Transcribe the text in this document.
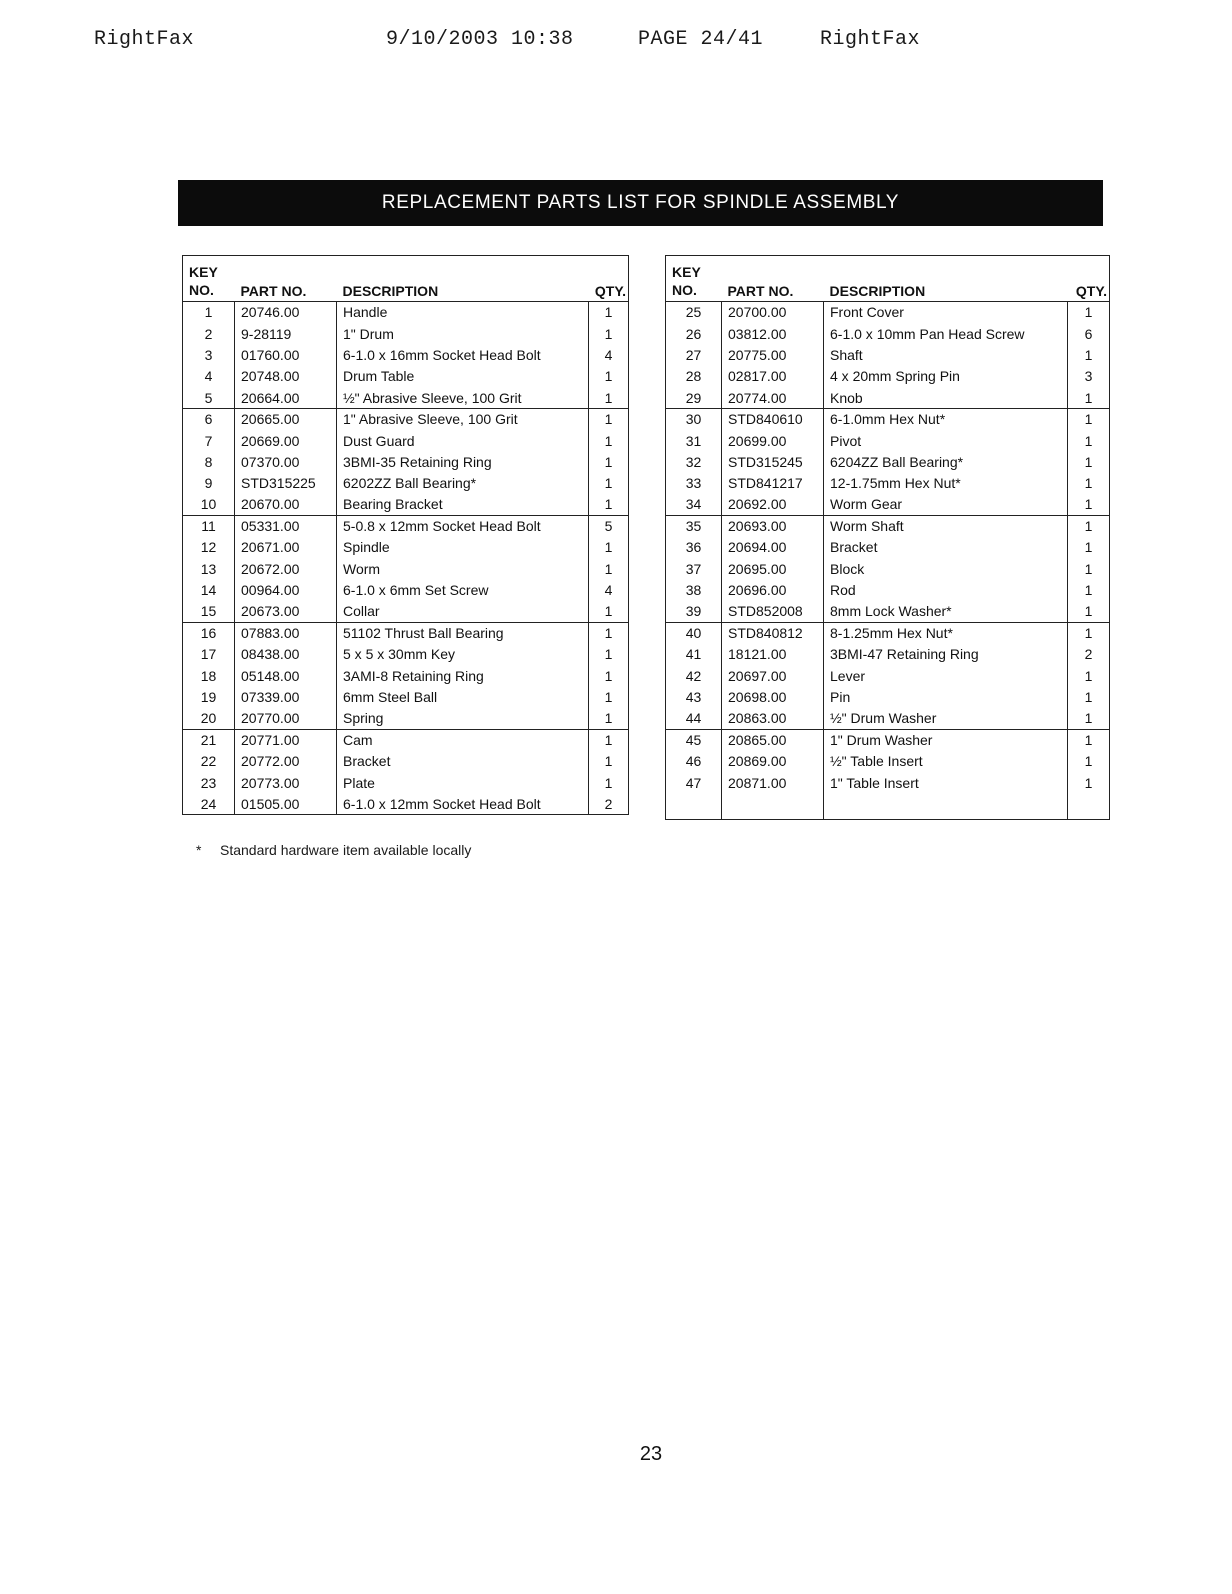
RightFax	9/10/2003 10:38	PAGE 24/41	RightFax
REPLACEMENT PARTS LIST FOR SPINDLE ASSEMBLY
KEY
NO.	PART NO.	DESCRIPTION	QTY.
1	20746.00	Handle	1
2	9-28119	1" Drum	1
3	01760.00	6-1.0 x 16mm Socket Head Bolt	4
4	20748.00	Drum Table	1
5	20664.00	½" Abrasive Sleeve, 100 Grit	1
6	20665.00	1" Abrasive Sleeve, 100 Grit	1
7	20669.00	Dust Guard	1
8	07370.00	3BMI-35 Retaining Ring	1
9	STD315225	6202ZZ Ball Bearing*	1
10	20670.00	Bearing Bracket	1
11	05331.00	5-0.8 x 12mm Socket Head Bolt	5
12	20671.00	Spindle	1
13	20672.00	Worm	1
14	00964.00	6-1.0 x 6mm Set Screw	4
15	20673.00	Collar	1
16	07883.00	51102 Thrust Ball Bearing	1
17	08438.00	5 x 5 x 30mm Key	1
18	05148.00	3AMI-8 Retaining Ring	1
19	07339.00	6mm Steel Ball	1
20	20770.00	Spring	1
21	20771.00	Cam	1
22	20772.00	Bracket	1
23	20773.00	Plate	1
24	01505.00	6-1.0 x 12mm Socket Head Bolt	2
KEY
NO.	PART NO.	DESCRIPTION	QTY.
25	20700.00	Front Cover	1
26	03812.00	6-1.0 x 10mm Pan Head Screw	6
27	20775.00	Shaft	1
28	02817.00	4 x 20mm Spring Pin	3
29	20774.00	Knob	1
30	STD840610	6-1.0mm Hex Nut*	1
31	20699.00	Pivot	1
32	STD315245	6204ZZ Ball Bearing*	1
33	STD841217	12-1.75mm Hex Nut*	1
34	20692.00	Worm Gear	1
35	20693.00	Worm Shaft	1
36	20694.00	Bracket	1
37	20695.00	Block	1
38	20696.00	Rod	1
39	STD852008	8mm Lock Washer*	1
40	STD840812	8-1.25mm Hex Nut*	1
41	18121.00	3BMI-47 Retaining Ring	2
42	20697.00	Lever	1
43	20698.00	Pin	1
44	20863.00	½" Drum Washer	1
45	20865.00	1" Drum Washer	1
46	20869.00	½" Table Insert	1
47	20871.00	1" Table Insert	1

* Standard hardware item available locally
23
